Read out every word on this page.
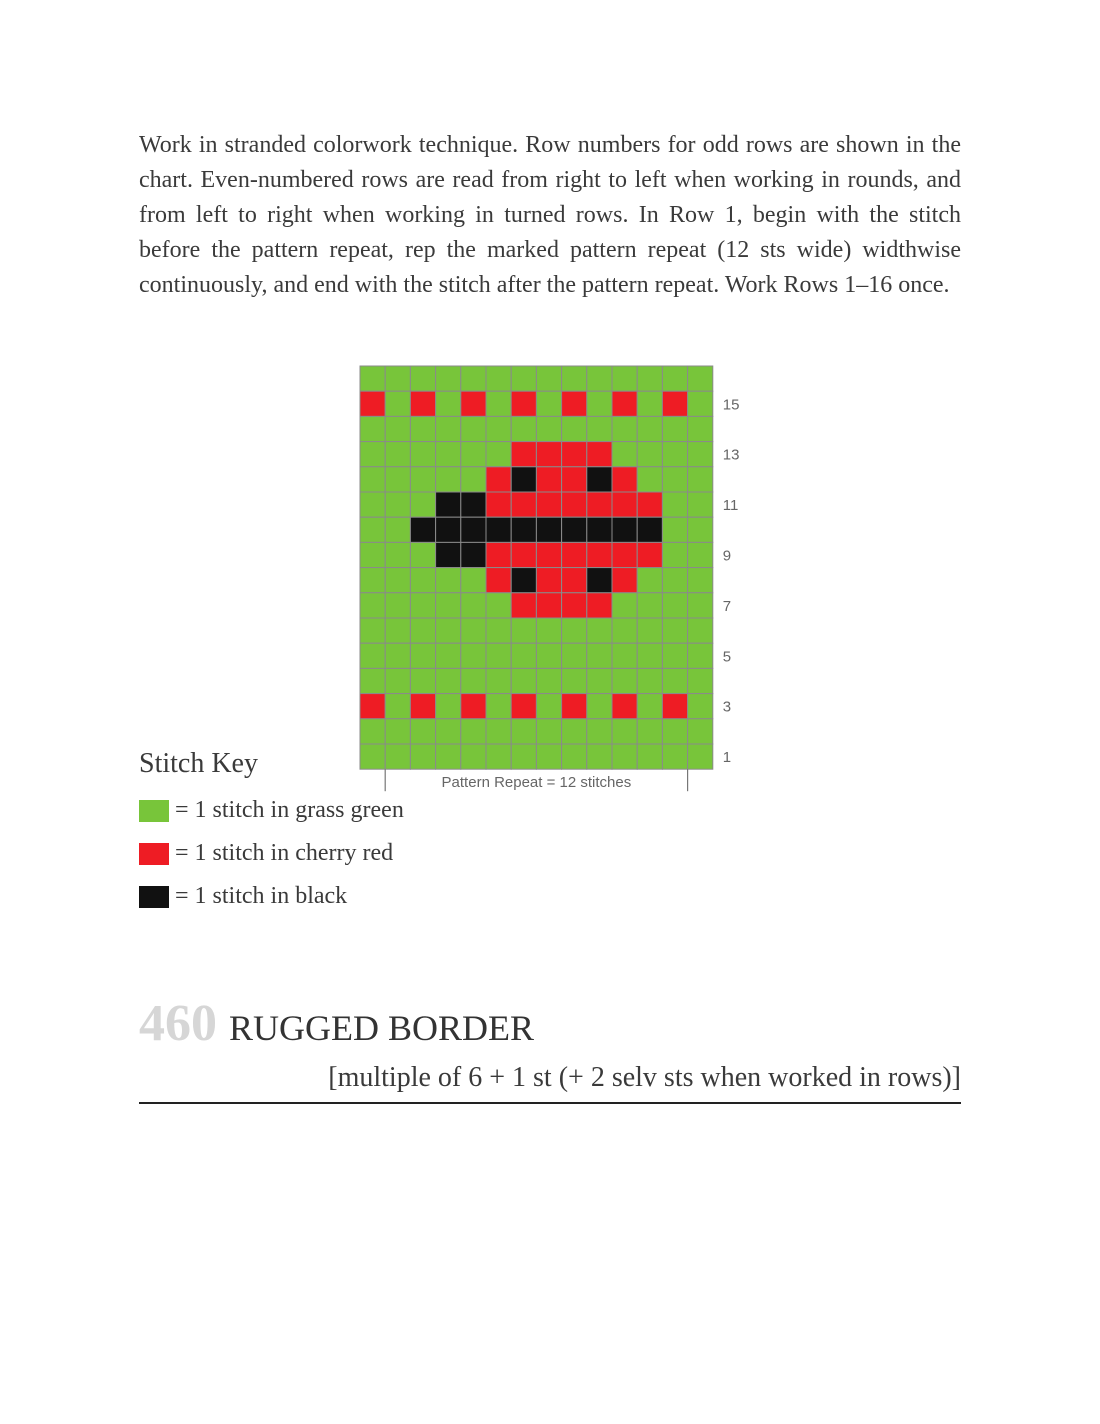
Work in stranded colorwork technique. Row numbers for odd rows are shown in the chart. Even-numbered rows are read from right to left when working in rounds, and from left to right when working in turned rows. In Row 1, begin with the stitch before the pattern repeat, rep the marked pattern repeat (12 sts wide) widthwise continuously, and end with the stitch after the pattern repeat. Work Rows 1–16 once.

15
13
11
9
7
5
3
1
Pattern Repeat = 12 stitches
Stitch Key
= 1 stitch in grass green
= 1 stitch in cherry red
= 1 stitch in black
460 RUGGED BORDER
[multiple of 6 + 1 st (+ 2 selv sts when worked in rows)]
